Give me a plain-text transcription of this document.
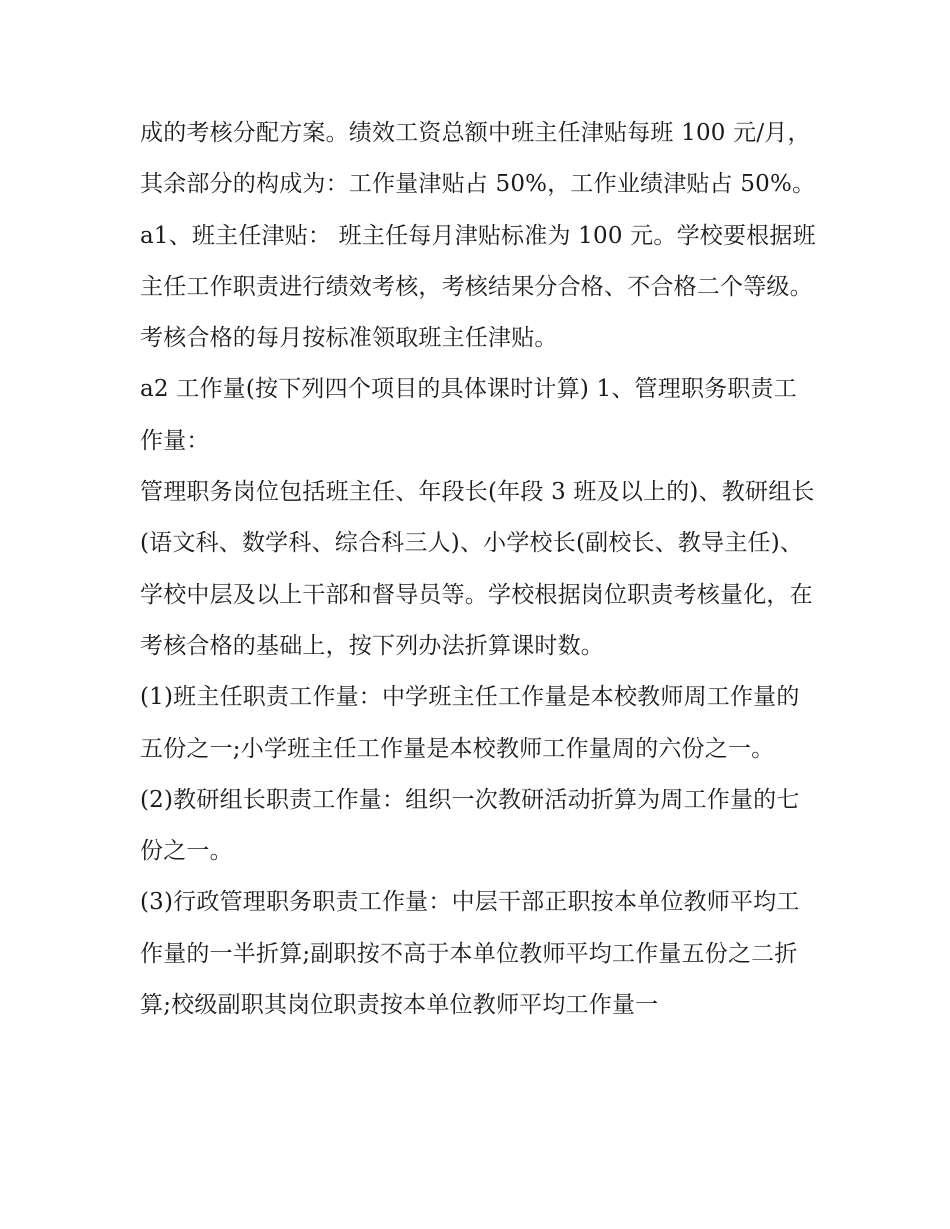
成的考核分配方案。绩效工资总额中班主任津贴每班 100 元/月，其余部分的构成为：工作量津贴占 50%，工作业绩津贴占 50%。

a1、班主任津贴： 班主任每月津贴标准为 100 元。学校要根据班主任工作职责进行绩效考核，考核结果分合格、不合格二个等级。考核合格的每月按标准领取班主任津贴。

a2 工作量(按下列四个项目的具体课时计算) 1、管理职务职责工作量：

管理职务岗位包括班主任、年段长(年段 3 班及以上的)、教研组长(语文科、数学科、综合科三人)、小学校长(副校长、教导主任)、学校中层及以上干部和督导员等。学校根据岗位职责考核量化，在考核合格的基础上，按下列办法折算课时数。

(1)班主任职责工作量：中学班主任工作量是本校教师周工作量的五份之一;小学班主任工作量是本校教师工作量周的六份之一。

(2)教研组长职责工作量：组织一次教研活动折算为周工作量的七份之一。

(3)行政管理职务职责工作量：中层干部正职按本单位教师平均工作量的一半折算;副职按不高于本单位教师平均工作量五份之二折算;校级副职其岗位职责按本单位教师平均工作量一
